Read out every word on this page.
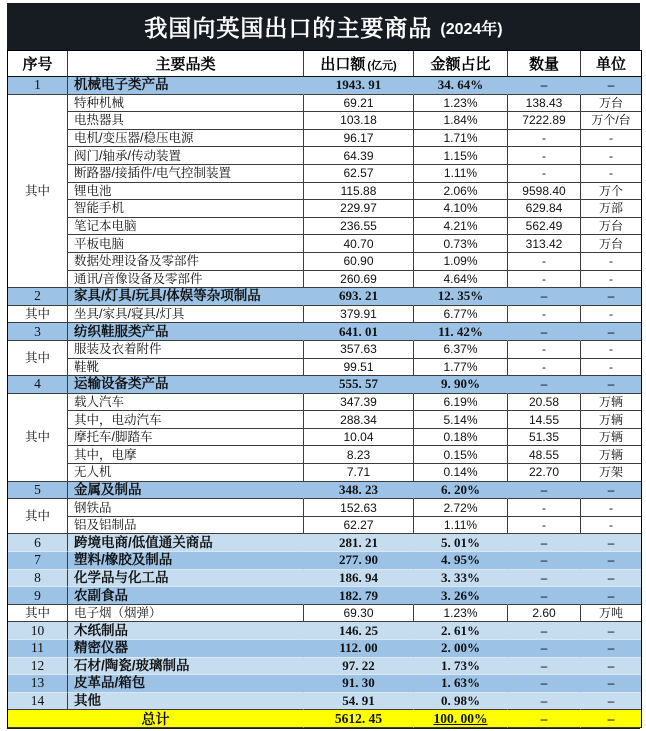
我国向英国出口的主要商品 (2024年)
序号	主要品类	出口额 (亿元)	金额占比	数量	单位
1	机械电子类产品	1943. 91	34. 64%	–	–
其中	特种机械	69.21	1.23%	138.43	万台
	电热器具	103.18	1.84%	7222.89	万个/台
	电机/变压器/稳压电源	96.17	1.71%	-	-
	阀门/轴承/传动装置	64.39	1.15%	-	-
	断路器/接插件/电气控制装置	62.57	1.11%	-	-
	锂电池	115.88	2.06%	9598.40	万个
	智能手机	229.97	4.10%	629.84	万部
	笔记本电脑	236.55	4.21%	562.49	万台
	平板电脑	40.70	0.73%	313.42	万台
	数据处理设备及零部件	60.90	1.09%	-	-
	通讯/音像设备及零部件	260.69	4.64%	-	-
2	家具/灯具/玩具/体娱等杂项制品	693. 21	12. 35%	–	–
其中	坐具/家具/寝具/灯具	379.91	6.77%	-	-
3	纺织鞋服类产品	641. 01	11. 42%	–	–
其中	服装及衣着附件	357.63	6.37%	-	-
	鞋靴	99.51	1.77%	-	-
4	运输设备类产品	555. 57	9. 90%	–	–
其中	载人汽车	347.39	6.19%	20.58	万辆
	其中，电动汽车	288.34	5.14%	14.55	万辆
	摩托车/脚踏车	10.04	0.18%	51.35	万辆
	其中，电摩	8.23	0.15%	48.55	万辆
	无人机	7.71	0.14%	22.70	万架
5	金属及制品	348. 23	6. 20%	–	–
其中	钢铁品	152.63	2.72%	-	-
	铝及铝制品	62.27	1.11%	-	-
6	跨境电商/低值通关商品	281. 21	5. 01%	–	–
7	塑料/橡胶及制品	277. 90	4. 95%	–	–
8	化学品与化工品	186. 94	3. 33%	–	–
9	农副食品	182. 79	3. 26%	–	–
其中	电子烟（烟弹）	69.30	1.23%	2.60	万吨
10	木纸制品	146. 25	2. 61%	–	–
11	精密仪器	112. 00	2. 00%	–	–
12	石材/陶瓷/玻璃制品	97. 22	1. 73%	–	–
13	皮革品/箱包	91. 30	1. 63%	–	–
14	其他	54. 91	0. 98%	–	–
总计		5612. 45	100. 00%	–	–
